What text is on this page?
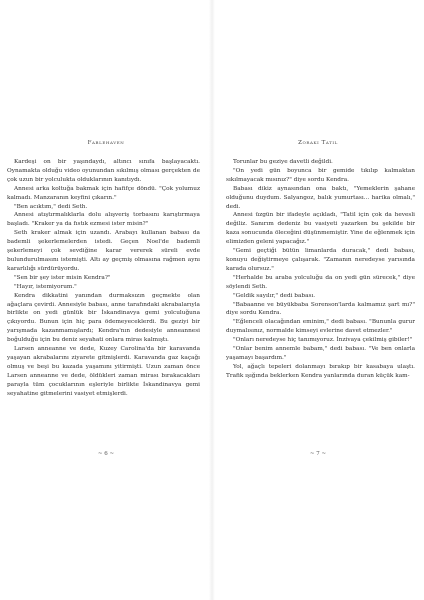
Fablehaven

Kardeşi on bir yaşındaydı, altıncı sınıfa başlayacaktı. Oynamakta olduğu video oyunundan sıkılmış olması gerçekten de çok uzun bir yolculukta olduklarının kanıtıydı.

Annesi arka koltuğa bakmak için hafifçe döndü. "Çok yolumuz kalmadı. Manzaranın keyfini çıkarın."

"Ben acıktım," dedi Seth.

Annesi atıştırmalıklarla dolu alışveriş torbasını karıştırmaya başladı. "Kraker ya da fıstık ezmesi ister misin?"

Seth kraker almak için uzandı. Arabayı kullanan babası da bademli şekerlemelerden istedi. Geçen Noel'de bademli şekerlemeyi çok sevdiğine karar vererek süreli evde bulundurulmasını istemişti. Altı ay geçmiş olmasına rağmen aynı kararlılığı sürdürüyordu.

"Sen bir şey ister misin Kendra?"

"Hayır, istemiyorum."

Kendra dikkatini yanından durmaksızın geçmekte olan ağaçlara çevirdi. Annesiyle babası, anne tarafındaki akrabalarıyla birlikte on yedi günlük bir İskandinavya gemi yolculuğuna çıkıyordu. Bunun için hiç para ödemeyeceklerdi. Bu geziyi bir yarışmada kazanmamışlardı; Kendra'nın dedesiyle anneannesi boğulduğu için bu deniz seyahati onlara miras kalmıştı.

Larsen anneanne ve dede, Kuzey Carolina'da bir karavanda yaşayan akrabalarını ziyarete gitmişlerdi. Karavanda gaz kaçağı olmuş ve beşi bu kazada yaşamını yitirmişti. Uzun zaman önce Larsen anneanne ve dede, öldükleri zaman mirası bırakacakları parayla tüm çocuklarının eşleriyle birlikte İskandinavya gemi seyahatine gitmelerini vasiyet etmişlerdi.

~ 6 ~
Zoraki Tatil

Torunlar bu geziye davetli değildi.

"On yedi gün boyunca bir gemide tıkılıp kalmaktan sıkılmayacak mısınız?" diye sordu Kendra.

Babası dikiz aynasından ona baktı, "Yemeklerin şahane olduğunu duydum. Salyangoz, balık yumurtası... harika olmalı," dedi.

Annesi üzgün bir ifadeyle açıkladı, "Tatil için çok da hevesli değiliz. Sanırım dedeniz bu vasiyeti yazarken bu şekilde bir kaza sonucunda öleceğini düşünmemiştir. Yine de eğlenmek için elimizden geleni yapacağız."

"Gemi geçtiği bütün limanlarda duracak," dedi babası, konuyu değiştirmeye çalışarak. "Zamanın neredeyse yarısında karada olursuz."

"Herhalde bu araba yolculuğu da on yedi gün sürecek," diye söylendi Seth.

"Geldik sayılır," dedi babası.

"Babaanne ve büyükbaba Sorenson'larda kalmamız şart mı?" diye sordu Kendra.

"Eğlenceli olacağından eminim," dedi babası. "Bununla gurur duymalısınız, normalde kimseyi evlerine davet etmezler."

"Onları neredeyse hiç tanımıyoruz. İnzivaya çekilmiş gibiler!"

"Onlar benim annemle babam," dedi babası. "Ve ben onlarla yaşamayı başardım."

Yol, ağaçlı tepeleri dolanmayı bırakıp bir kasabaya ulaştı. Trafik ışığında beklerken Kendra yanlarında duran küçük kam-

~ 7 ~
